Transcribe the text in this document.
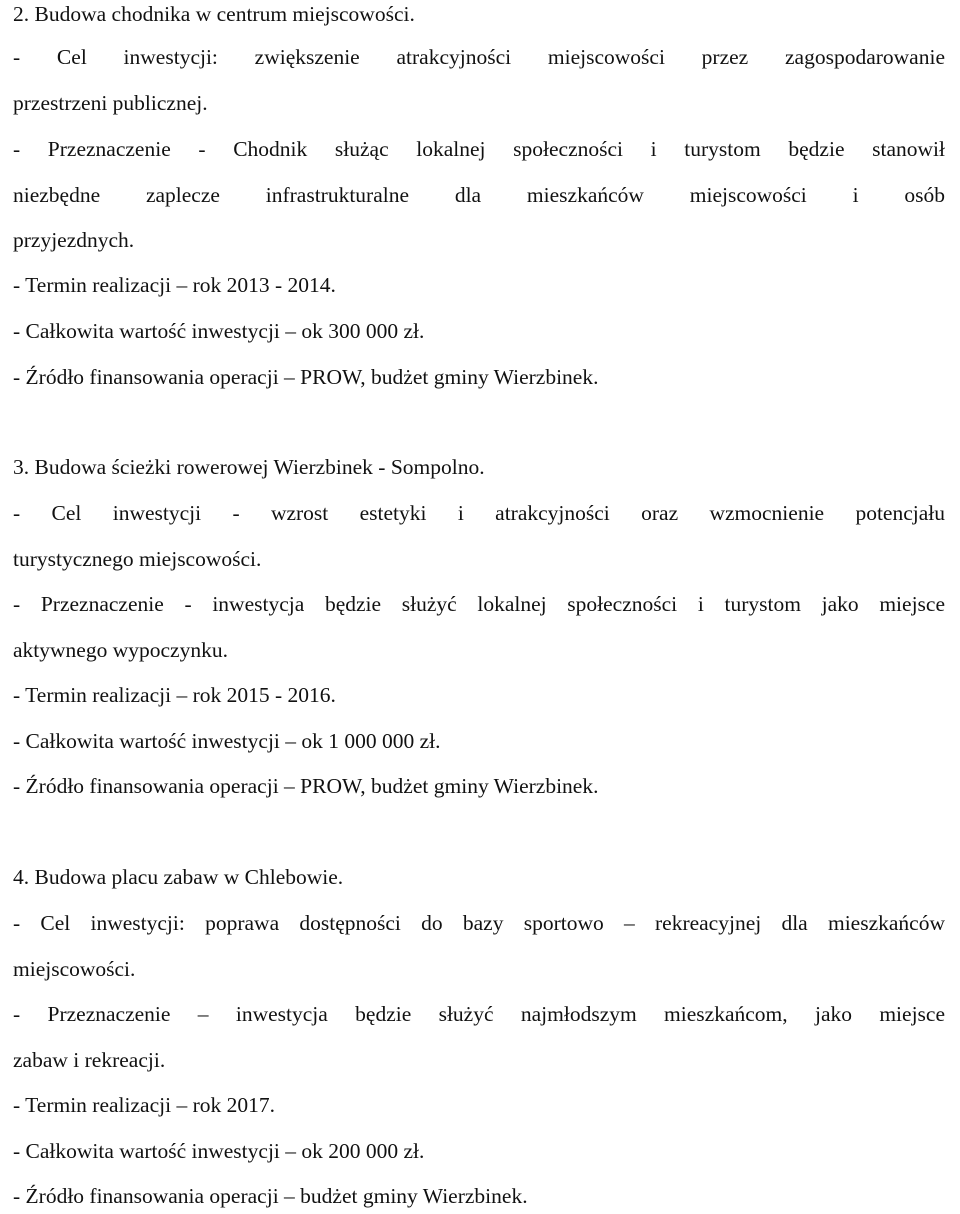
2. Budowa chodnika w centrum miejscowości.
- Cel inwestycji: zwiększenie atrakcyjności miejscowości przez zagospodarowanie
przestrzeni publicznej.
- Przeznaczenie - Chodnik służąc lokalnej społeczności i turystom będzie stanowił
niezbędne zaplecze infrastrukturalne dla mieszkańców miejscowości i osób
przyjezdnych.
- Termin realizacji – rok 2013 - 2014.
- Całkowita wartość inwestycji – ok 300 000 zł.
- Źródło finansowania operacji – PROW, budżet gminy Wierzbinek.
3. Budowa ścieżki rowerowej Wierzbinek - Sompolno.
- Cel inwestycji - wzrost estetyki i atrakcyjności oraz wzmocnienie potencjału
turystycznego miejscowości.
- Przeznaczenie - inwestycja będzie służyć lokalnej społeczności i turystom jako miejsce
aktywnego wypoczynku.
- Termin realizacji – rok 2015 - 2016.
- Całkowita wartość inwestycji – ok 1 000 000 zł.
- Źródło finansowania operacji – PROW, budżet gminy Wierzbinek.
4. Budowa placu zabaw w Chlebowie.
- Cel inwestycji: poprawa dostępności do bazy sportowo – rekreacyjnej dla mieszkańców
miejscowości.
- Przeznaczenie – inwestycja będzie służyć najmłodszym mieszkańcom, jako miejsce
zabaw i rekreacji.
- Termin realizacji – rok 2017.
- Całkowita wartość inwestycji – ok 200 000 zł.
- Źródło finansowania operacji – budżet gminy Wierzbinek.
